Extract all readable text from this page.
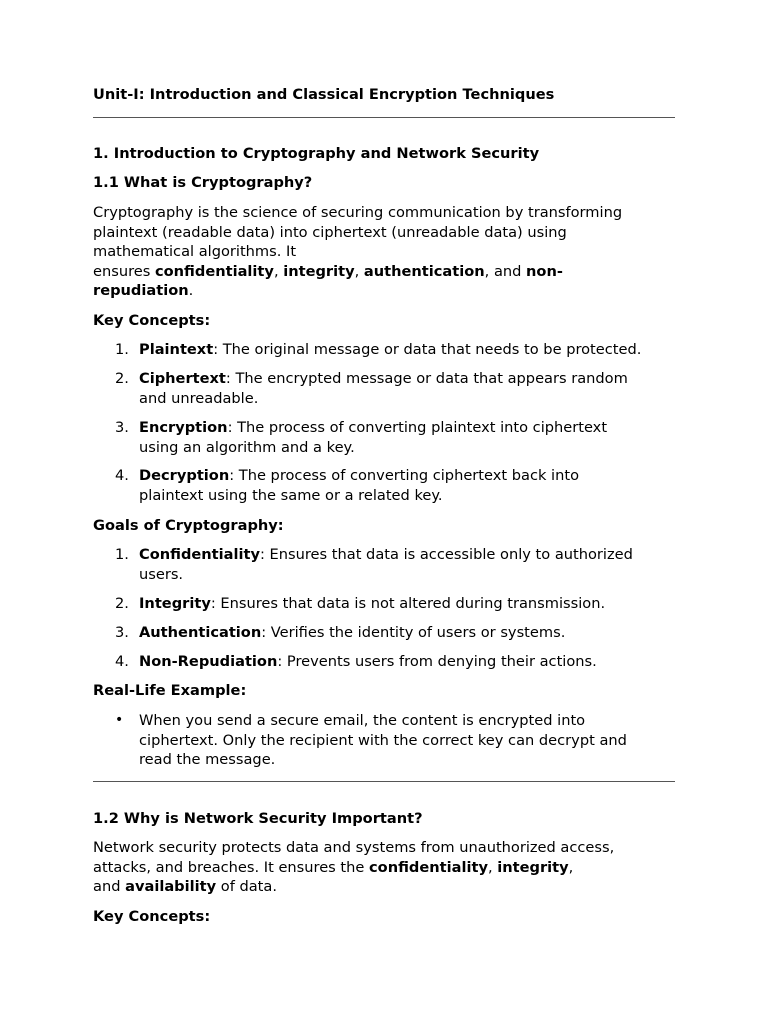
Unit-I: Introduction and Classical Encryption Techniques
1. Introduction to Cryptography and Network Security
1.1 What is Cryptography?
Cryptography is the science of securing communication by transforming
plaintext (readable data) into ciphertext (unreadable data) using
mathematical algorithms. It
ensures confidentiality, integrity, authentication, and non-
repudiation.
Key Concepts:
1. Plaintext: The original message or data that needs to be protected.
2. Ciphertext: The encrypted message or data that appears random
and unreadable.
3. Encryption: The process of converting plaintext into ciphertext
using an algorithm and a key.
4. Decryption: The process of converting ciphertext back into
plaintext using the same or a related key.
Goals of Cryptography:
1. Confidentiality: Ensures that data is accessible only to authorized
users.
2. Integrity: Ensures that data is not altered during transmission.
3. Authentication: Verifies the identity of users or systems.
4. Non-Repudiation: Prevents users from denying their actions.
Real-Life Example:
•	When you send a secure email, the content is encrypted into
ciphertext. Only the recipient with the correct key can decrypt and
read the message.
1.2 Why is Network Security Important?
Network security protects data and systems from unauthorized access,
attacks, and breaches. It ensures the confidentiality, integrity,
and availability of data.
Key Concepts:
